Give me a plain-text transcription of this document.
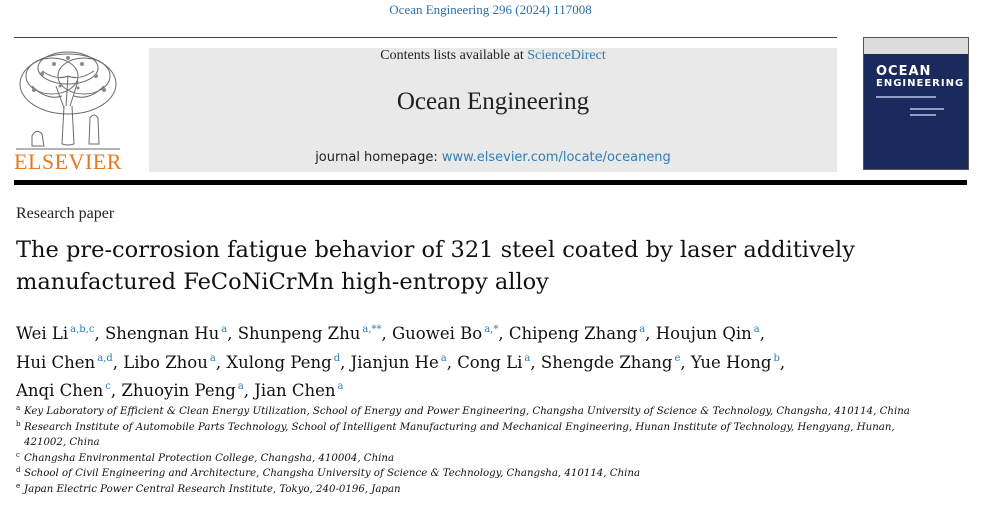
Ocean Engineering 296 (2024) 117008
ELSEVIER
Contents lists available at ScienceDirect
Ocean Engineering
journal homepage: www.elsevier.com/locate/oceaneng
OCEAN
ENGINEERING
Research paper
The pre-corrosion fatigue behavior of 321 steel coated by laser additively manufactured FeCoNiCrMn high-entropy alloy
Wei Li $^{a,b,c}$, Shengnan Hu $^a$, Shunpeng Zhu $^{a,**}$, Guowei Bo $^{a,*}$, Chipeng Zhang $^a$, Houjun Qin $^a$,
Hui Chen $^{a,d}$, Libo Zhou $^a$, Xulong Peng $^d$, Jianjun He $^a$, Cong Li $^a$, Shengde Zhang $^e$, Yue Hong $^b$,
Anqi Chen $^c$, Zhuoyin Peng $^a$, Jian Chen $^a$
a Key Laboratory of Efficient & Clean Energy Utilization, School of Energy and Power Engineering, Changsha University of Science & Technology, Changsha, 410114, China
b Research Institute of Automobile Parts Technology, School of Intelligent Manufacturing and Mechanical Engineering, Hunan Institute of Technology, Hengyang, Hunan, 421002, China
c Changsha Environmental Protection College, Changsha, 410004, China
d School of Civil Engineering and Architecture, Changsha University of Science & Technology, Changsha, 410114, China
e Japan Electric Power Central Research Institute, Tokyo, 240-0196, Japan
